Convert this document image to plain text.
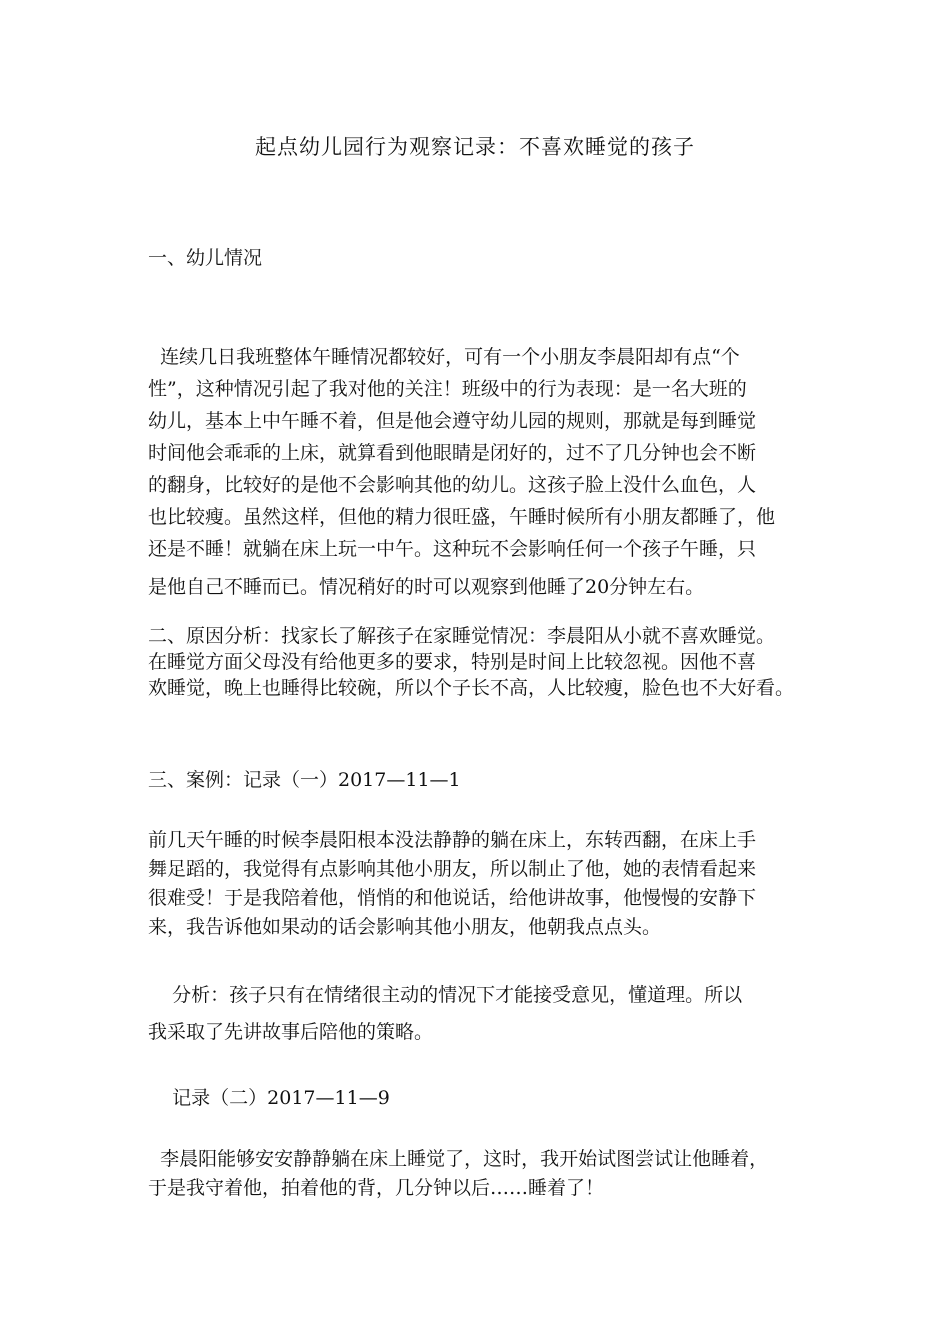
起点幼儿园行为观察记录：不喜欢睡觉的孩子
一、幼儿情况
连续几日我班整体午睡情况都较好，可有一个小朋友李晨阳却有点“个
性”，这种情况引起了我对他的关注！班级中的行为表现：是一名大班的
幼儿，基本上中午睡不着，但是他会遵守幼儿园的规则，那就是每到睡觉
时间他会乖乖的上床，就算看到他眼睛是闭好的，过不了几分钟也会不断
的翻身，比较好的是他不会影响其他的幼儿。这孩子脸上没什么血色，人
也比较瘦。虽然这样，但他的精力很旺盛，午睡时候所有小朋友都睡了，他
还是不睡！就躺在床上玩一中午。这种玩不会影响任何一个孩子午睡，只
是他自己不睡而已。情况稍好的时可以观察到他睡了20分钟左右。
二、原因分析：找家长了解孩子在家睡觉情况：李晨阳从小就不喜欢睡觉。
在睡觉方面父母没有给他更多的要求，特别是时间上比较忽视。因他不喜
欢睡觉，晚上也睡得比较碗，所以个子长不高，人比较瘦，脸色也不大好看。
三、案例：记录（一）2017—11—1
前几天午睡的时候李晨阳根本没法静静的躺在床上，东转西翻，在床上手
舞足蹈的，我觉得有点影响其他小朋友，所以制止了他，她的表情看起来
很难受！于是我陪着他，悄悄的和他说话，给他讲故事，他慢慢的安静下
来，我告诉他如果动的话会影响其他小朋友，他朝我点点头。
分析：孩子只有在情绪很主动的情况下才能接受意见，懂道理。所以
我采取了先讲故事后陪他的策略。
记录（二）2017—11—9
李晨阳能够安安静静躺在床上睡觉了，这时，我开始试图尝试让他睡着，
于是我守着他，拍着他的背，几分钟以后……睡着了！
